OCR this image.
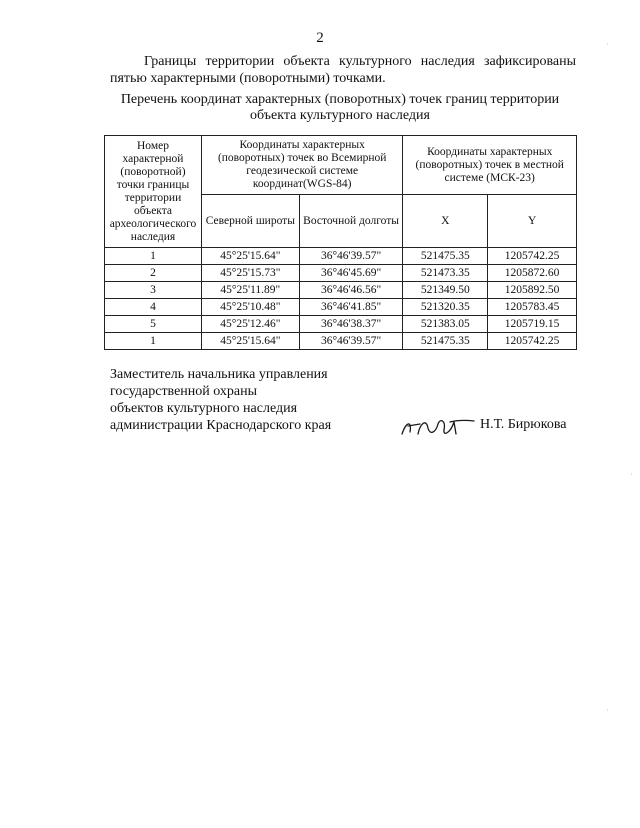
2
Границы территории объекта культурного наследия зафиксированы пятью характерными (поворотными) точками.
Перечень координат характерных (поворотных) точек границ территории объекта культурного наследия
Номер характерной (поворотной) точки границы территории объекта археологического наследия	Координаты характерных (поворотных) точек во Всемирной геодезической системе координат(WGS-84)		Координаты характерных (поворотных) точек в местной системе (МСК-23)	
	Северной широты	Восточной долготы	X	Y
1	45°25'15.64"	36°46'39.57"	521475.35	1205742.25
2	45°25'15.73"	36°46'45.69"	521473.35	1205872.60
3	45°25'11.89"	36°46'46.56"	521349.50	1205892.50
4	45°25'10.48"	36°46'41.85"	521320.35	1205783.45
5	45°25'12.46"	36°46'38.37"	521383.05	1205719.15
1	45°25'15.64"	36°46'39.57"	521475.35	1205742.25
Заместитель начальника управления
государственной охраны
объектов культурного наследия
администрации Краснодарского края	Н.Т. Бирюкова
·
·
·
